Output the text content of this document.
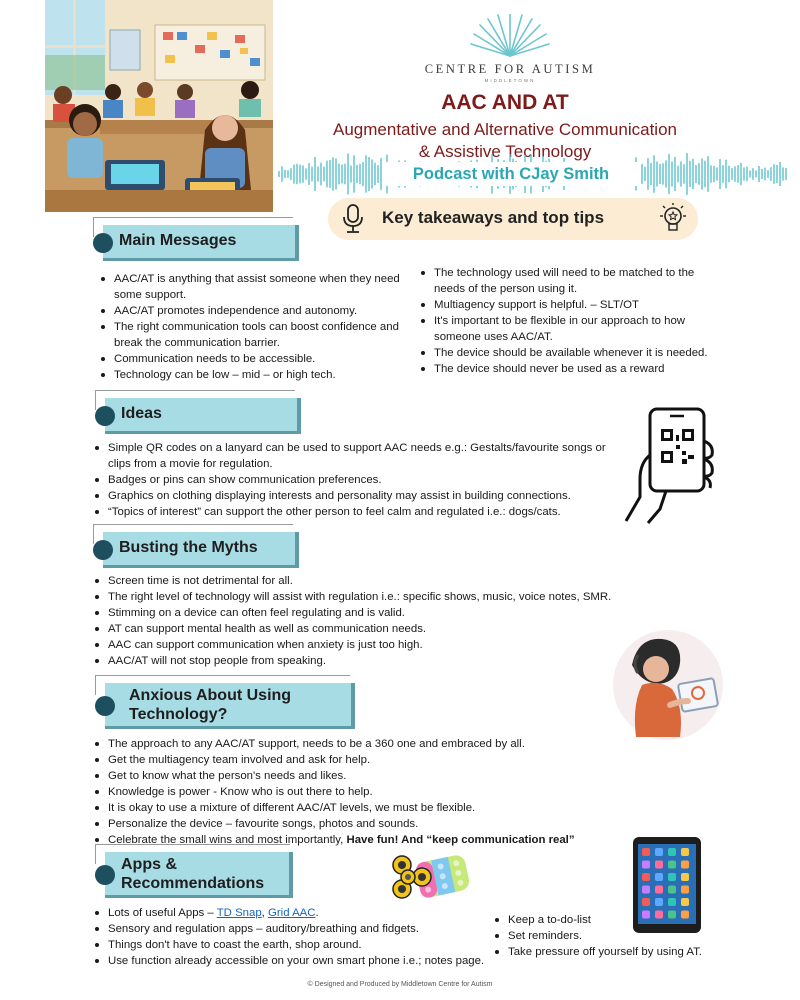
CENTRE FOR AUTISM
MIDDLETOWN
AAC AND AT
Augmentative and Alternative Communication
& Assistive Technology
Podcast with CJay Smith
Key takeaways and top tips
Main Messages
AAC/AT is anything that assist someone when they need some support.
AAC/AT promotes independence and autonomy.
The right communication tools can boost confidence and break the communication barrier.
Communication needs to be accessible.
Technology can be low – mid – or high tech.
The technology used will need to be matched to the needs of the person using it.
Multiagency support is helpful. – SLT/OT
It's important to be flexible in our approach to how someone uses AAC/AT.
The device should be available whenever it is needed.
The device should never be used as a reward
Ideas
Simple QR codes on a lanyard can be used to support AAC needs e.g.: Gestalts/favourite songs or clips from a movie for regulation.
Badges or pins can show communication preferences.
Graphics on clothing displaying interests and personality may assist in building connections.
“Topics of interest” can support the other person to feel calm and regulated i.e.: dogs/cats.
Busting the Myths
Screen time is not detrimental for all.
The right level of technology will assist with regulation i.e.: specific shows, music, voice notes, SMR.
Stimming on a device can often feel regulating and is valid.
AT can support mental health as well as communication needs.
AAC can support communication when anxiety is just too high.
AAC/AT will not stop people from speaking.
Anxious About Using
Technology?
The approach to any AAC/AT support, needs to be a 360 one and embraced by all.
Get the multiagency team involved and ask for help.
Get to know what the person's needs and likes.
Knowledge is power - Know who is out there to help.
It is okay to use a mixture of different AAC/AT levels, we must be flexible.
Personalize the device – favourite songs, photos and sounds.
Celebrate the small wins and most importantly, Have fun! And “keep communication real”
Apps &
Recommendations
Lots of useful Apps – TD Snap, Grid AAC.
Sensory and regulation apps – auditory/breathing and fidgets.
Things don't have to coast the earth, shop around.
Use function already accessible on your own smart phone i.e.; notes page.
Keep a to-do-list
Set reminders.
Take pressure off yourself by using AT.
© Designed and Produced by Middletown Centre for Autism
